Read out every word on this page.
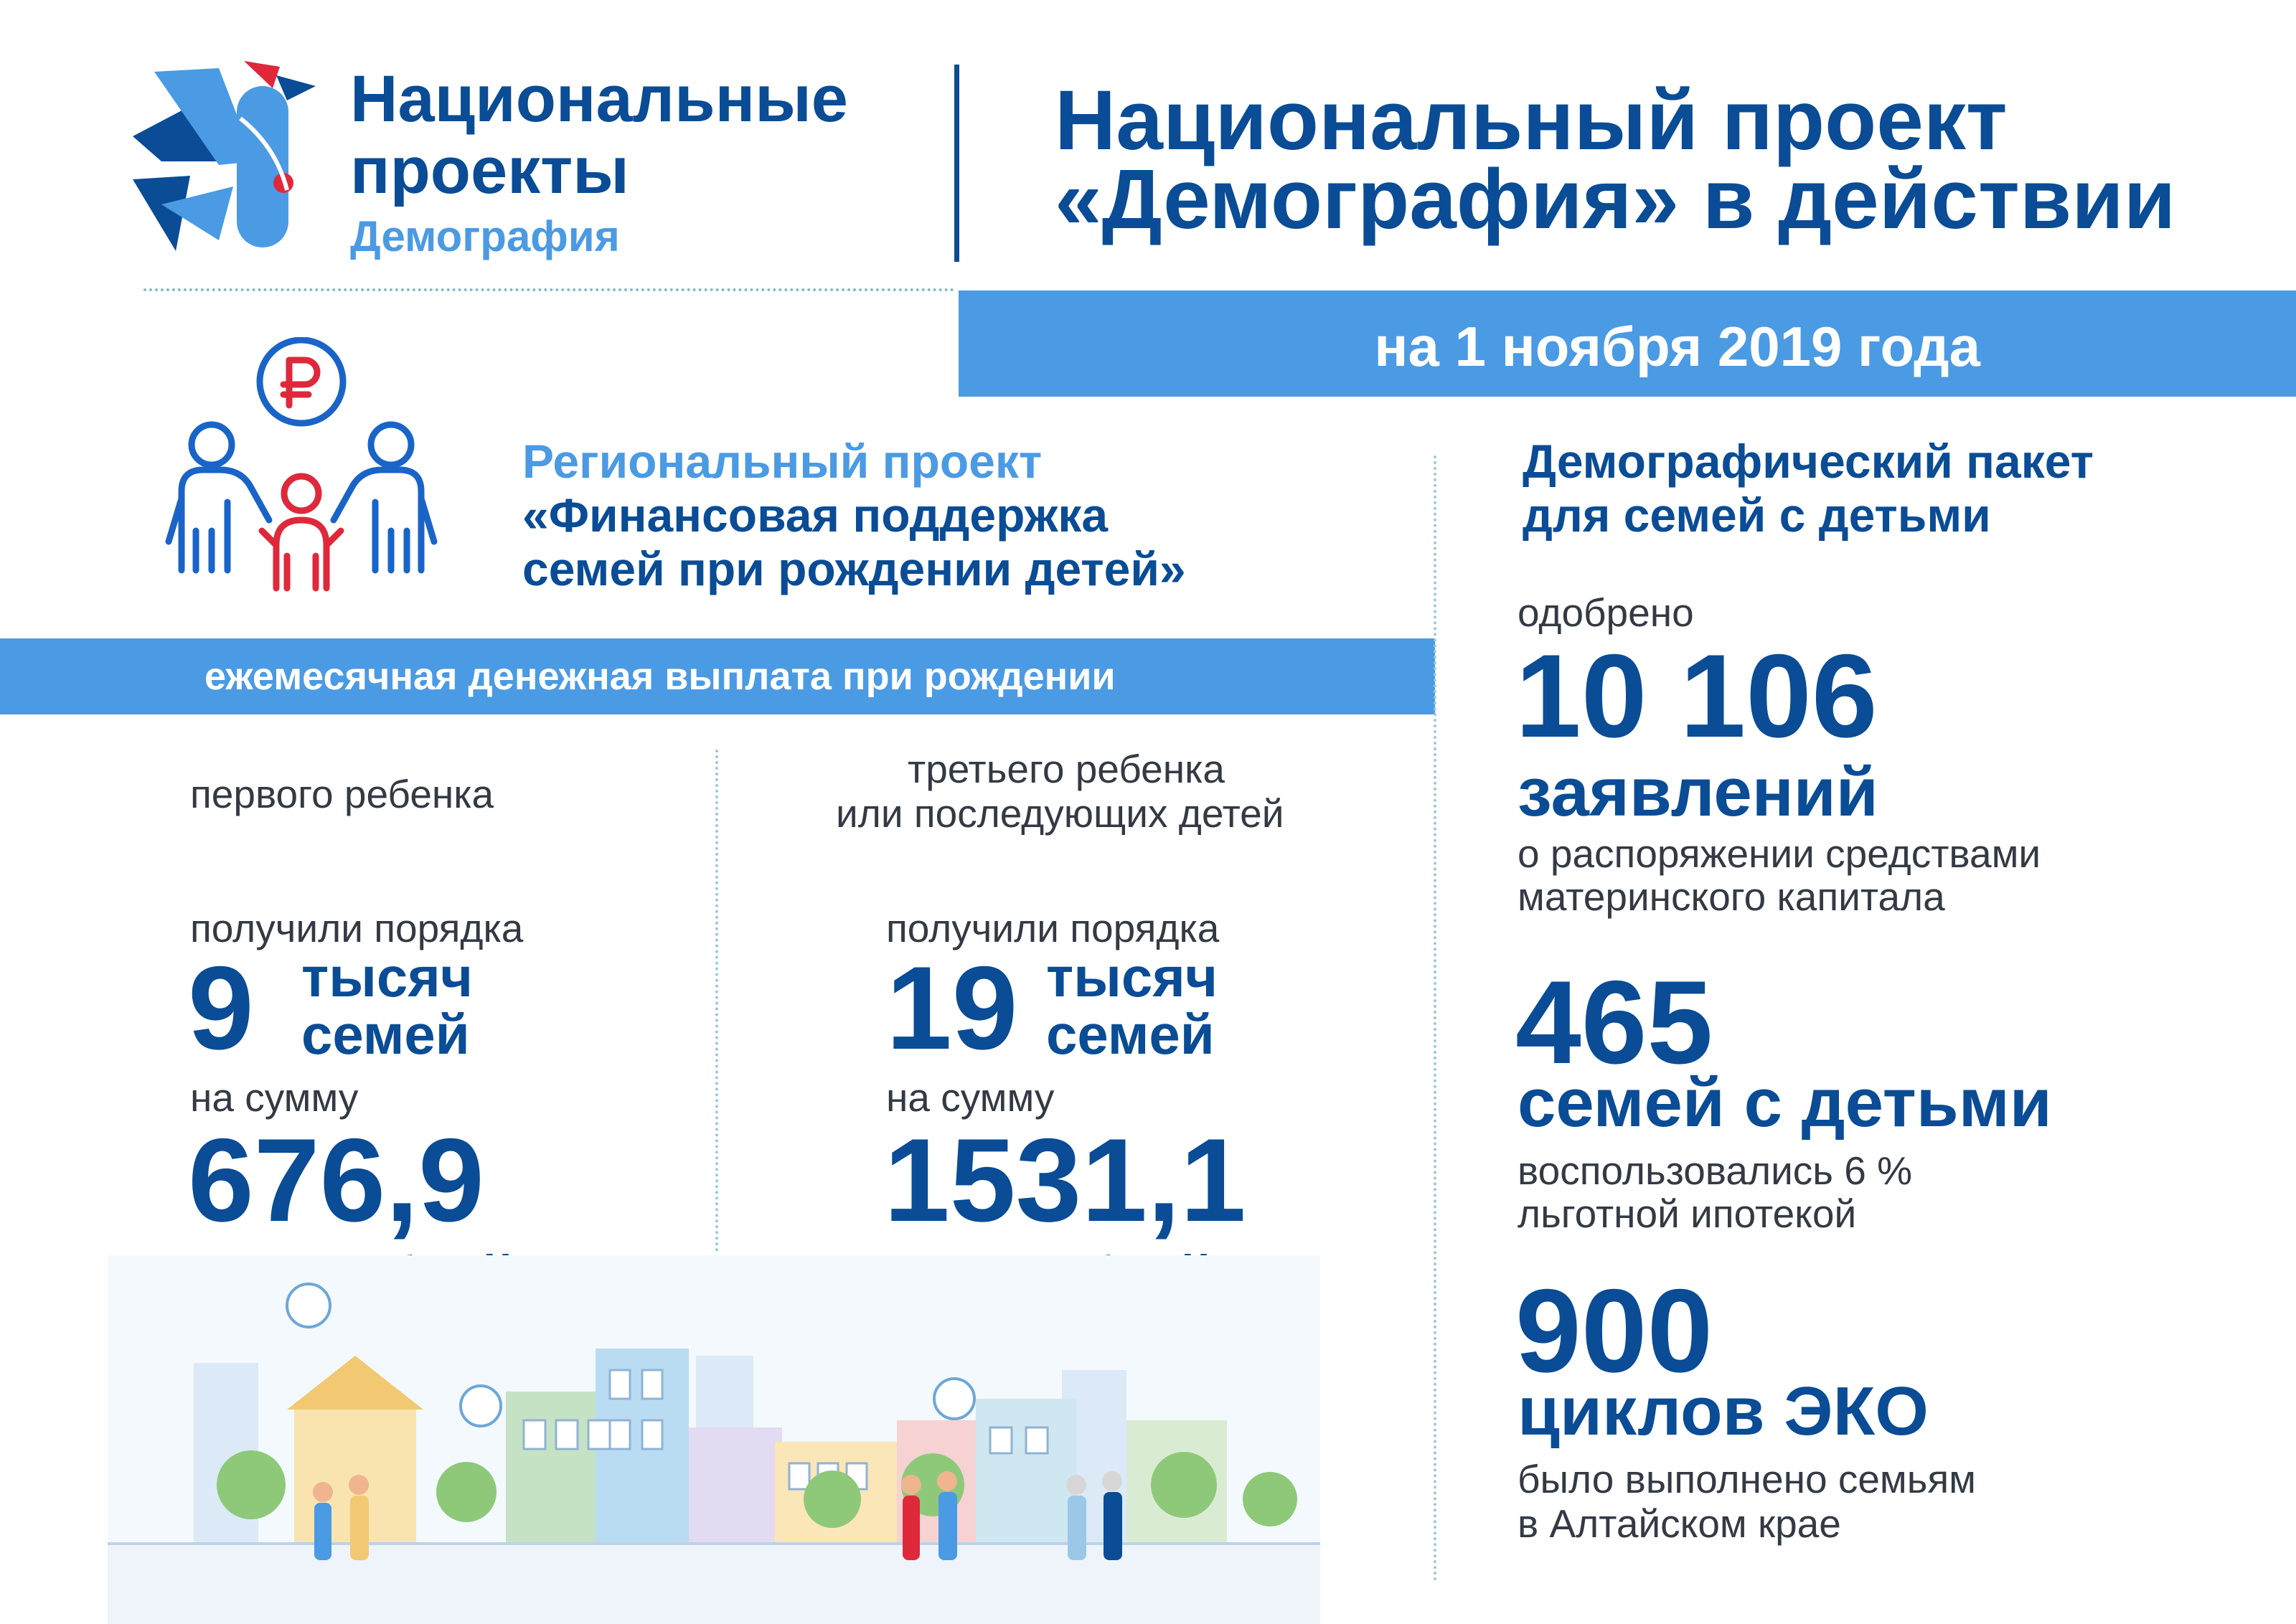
Национальные
проекты
Демография
Национальный проект
«Демография» в действии
на 1 ноября 2019 года
Региональный проект
«Финансовая поддержка
семей при рождении детей»
ежемесячная денежная выплата при рождении
первого ребенка
получили порядка
9 тысяч
семей
на сумму
676,9
третьего ребенка
или последующих детей
получили порядка
19 тысяч
семей
на сумму
1531,1
Демографический пакет
для семей с детьми
одобрено
10 106
заявлений
о распоряжении средствами
материнского капитала
465
семей с детьми
воспользовались 6 %
льготной ипотекой
900
циклов ЭКО
было выполнено семьям
в Алтайском крае
